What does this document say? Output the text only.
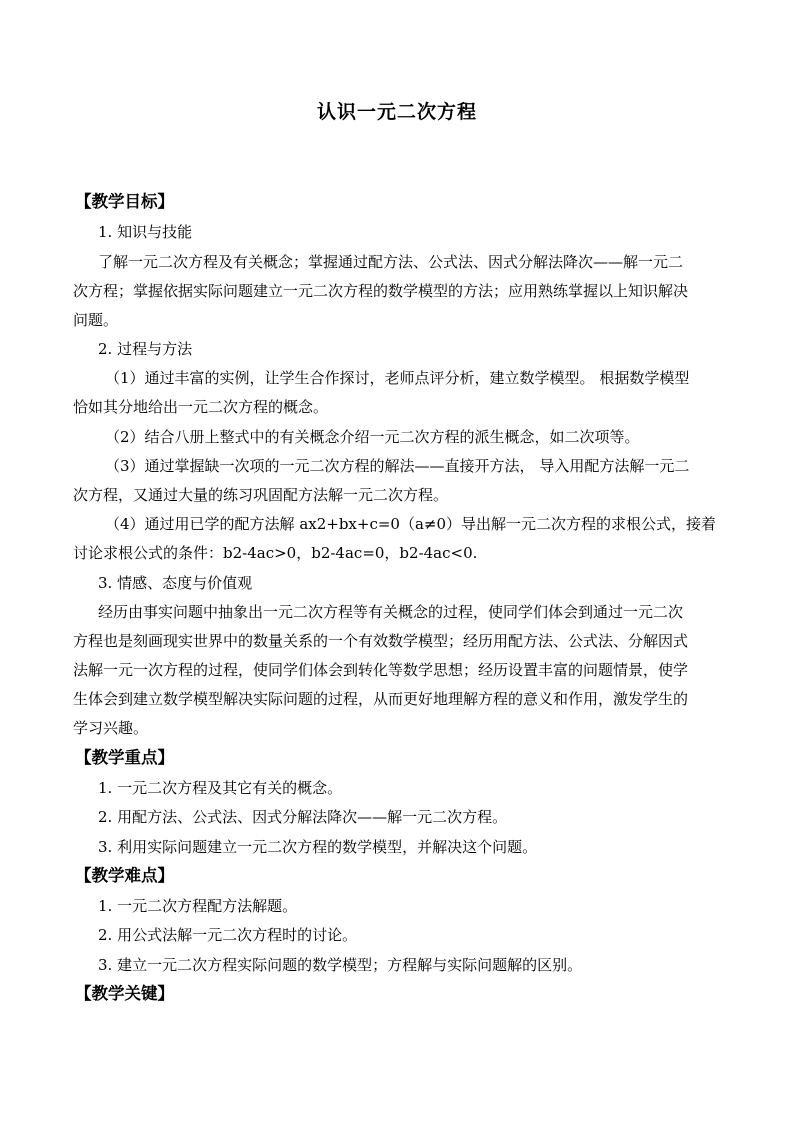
认识一元二次方程
【教学目标】
1. 知识与技能
了解一元二次方程及有关概念；掌握通过配方法、公式法、因式分解法降次——解一元二
次方程；掌握依据实际问题建立一元二次方程的数学模型的方法；应用熟练掌握以上知识解决
问题。
2. 过程与方法
（1）通过丰富的实例，让学生合作探讨，老师点评分析，建立数学模型。 根据数学模型
恰如其分地给出一元二次方程的概念。
（2）结合八册上整式中的有关概念介绍一元二次方程的派生概念，如二次项等。
（3）通过掌握缺一次项的一元二次方程的解法——直接开方法， 导入用配方法解一元二
次方程，又通过大量的练习巩固配方法解一元二次方程。
（4）通过用已学的配方法解 ax2+bx+c=0（a≠0）导出解一元二次方程的求根公式，接着
讨论求根公式的条件：b2-4ac>0，b2-4ac=0，b2-4ac<0.
3. 情感、态度与价值观
经历由事实问题中抽象出一元二次方程等有关概念的过程，使同学们体会到通过一元二次
方程也是刻画现实世界中的数量关系的一个有效数学模型；经历用配方法、公式法、分解因式
法解一元一次方程的过程，使同学们体会到转化等数学思想；经历设置丰富的问题情景，使学
生体会到建立数学模型解决实际问题的过程，从而更好地理解方程的意义和作用，激发学生的
学习兴趣。
【教学重点】
1. 一元二次方程及其它有关的概念。
2. 用配方法、公式法、因式分解法降次——解一元二次方程。
3. 利用实际问题建立一元二次方程的数学模型，并解决这个问题。
【教学难点】
1. 一元二次方程配方法解题。
2. 用公式法解一元二次方程时的讨论。
3. 建立一元二次方程实际问题的数学模型；方程解与实际问题解的区别。
【教学关键】
